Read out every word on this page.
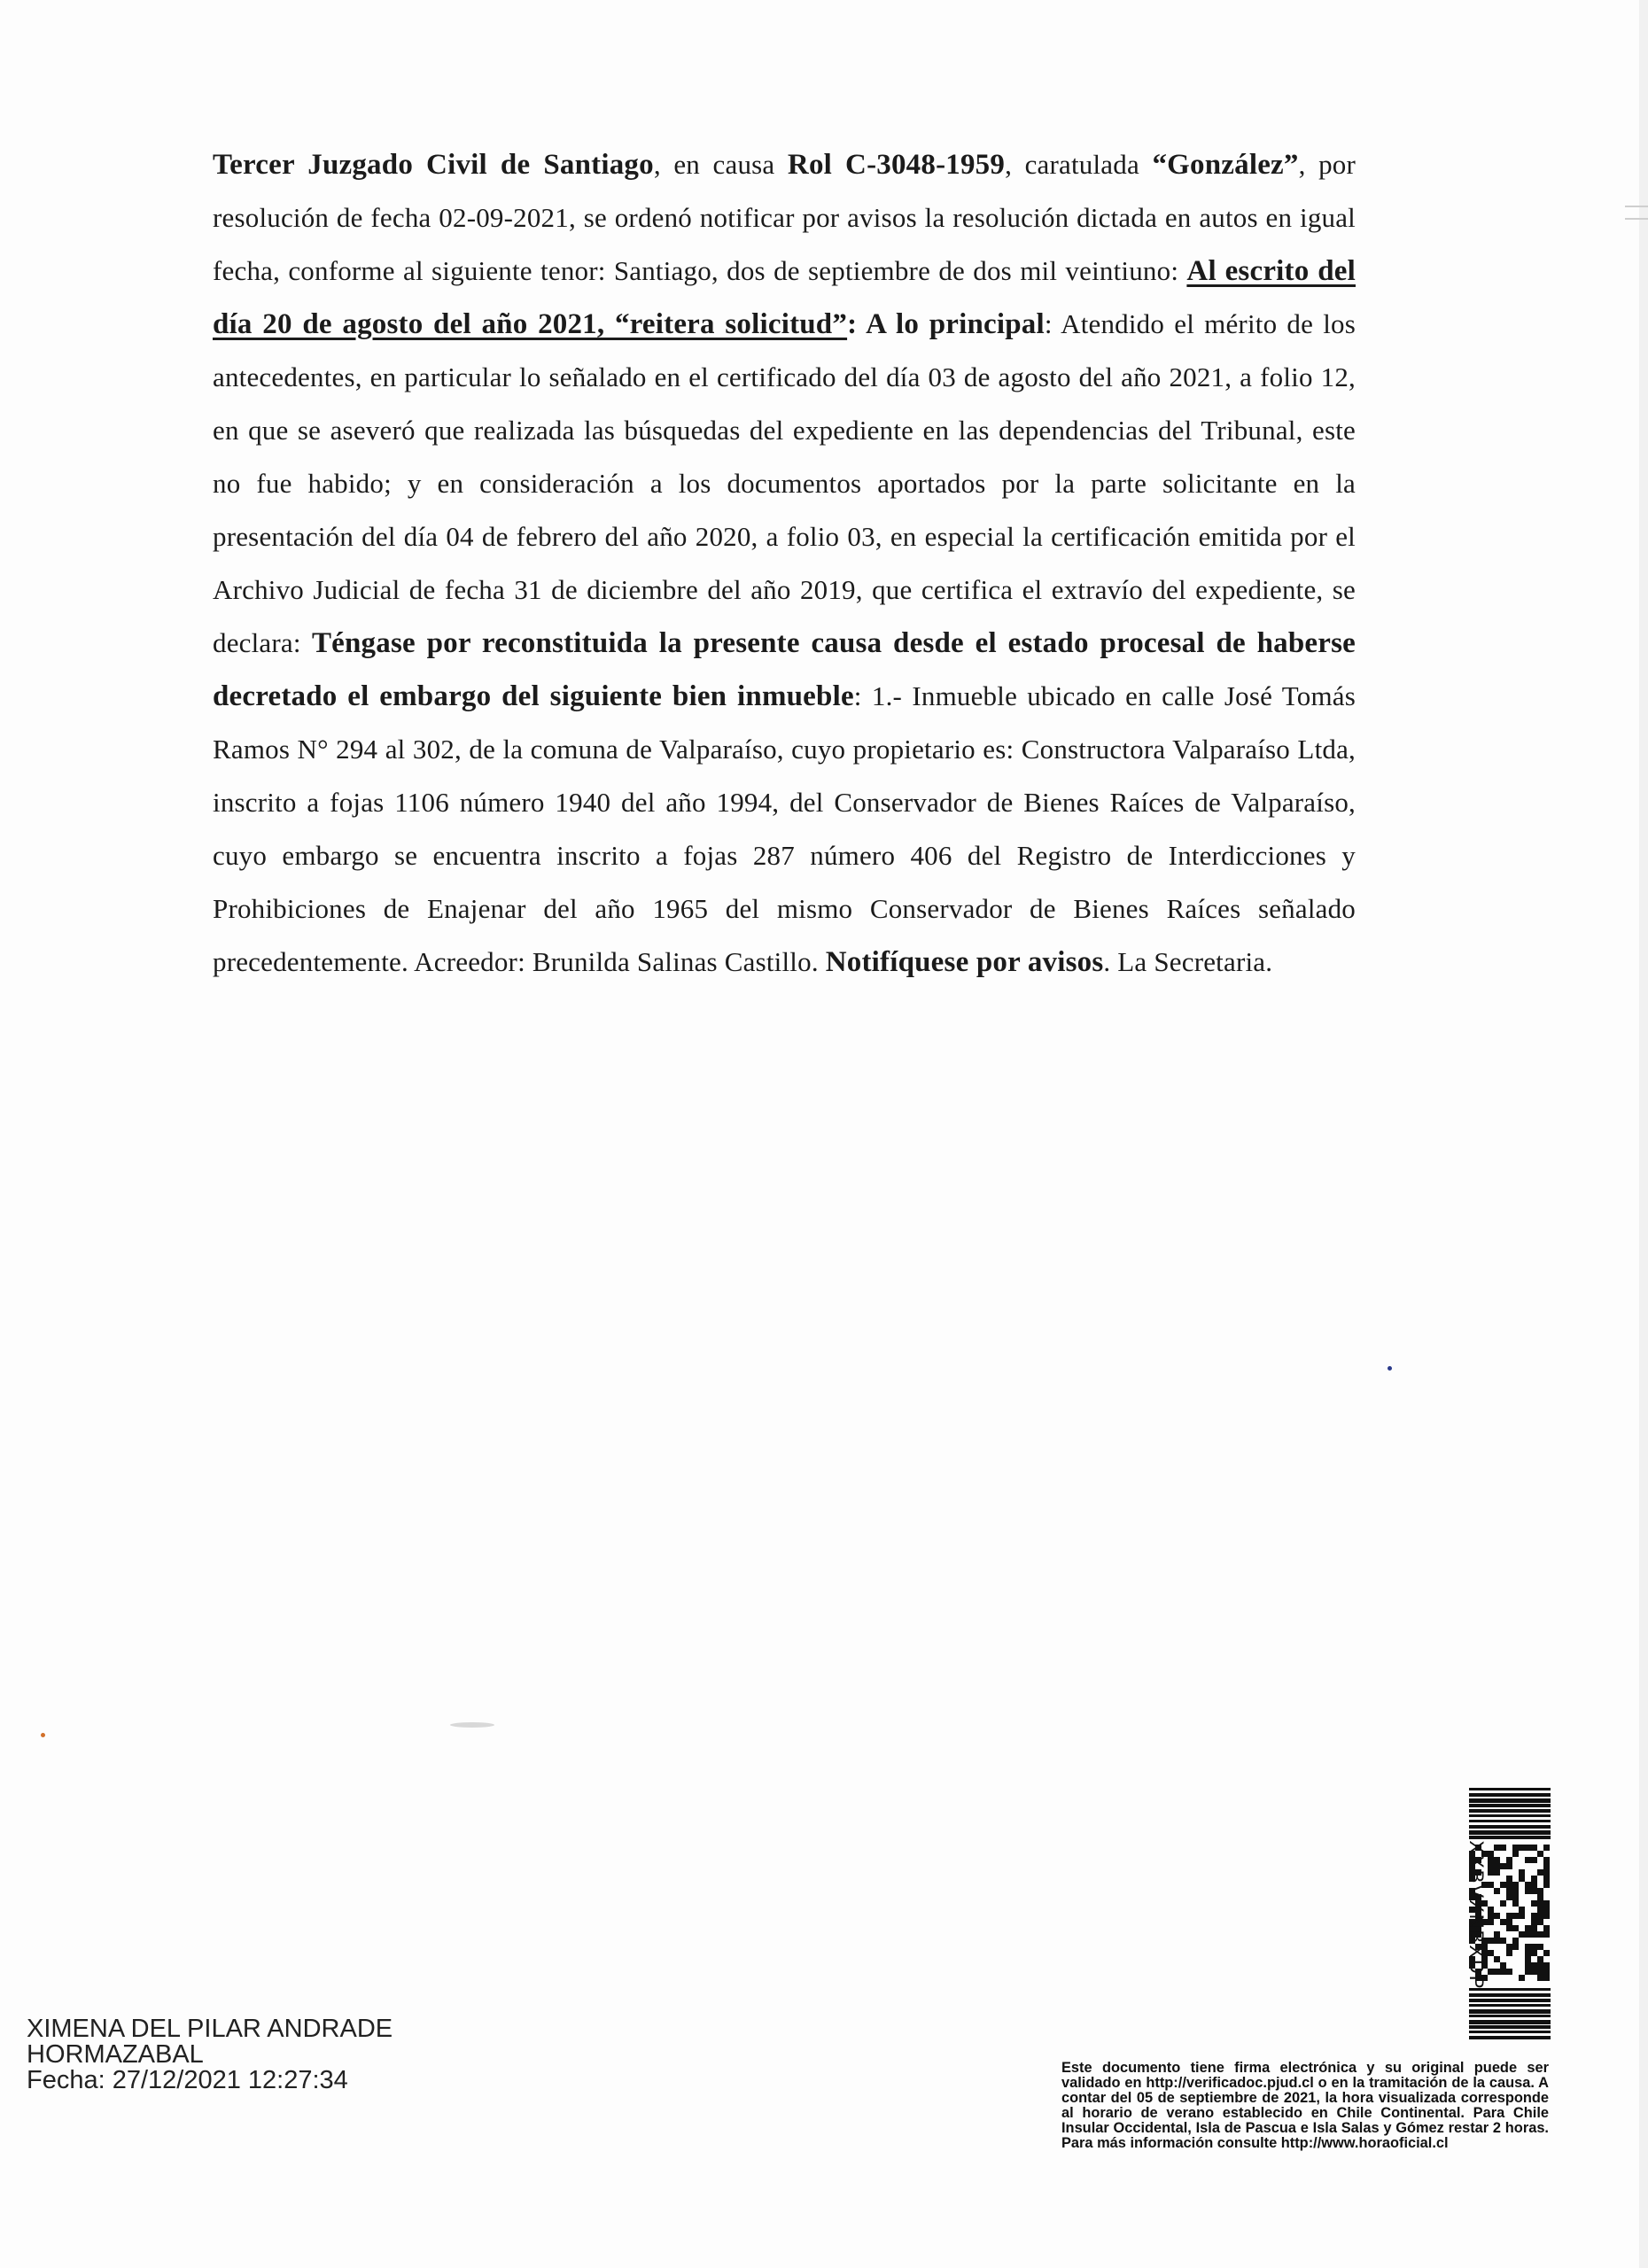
Tercer Juzgado Civil de Santiago, en causa Rol C-3048-1959, caratulada “González”, por resolución de fecha 02-09-2021, se ordenó notificar por avisos la resolución dictada en autos en igual fecha, conforme al siguiente tenor: Santiago, dos de septiembre de dos mil veintiuno: Al escrito del día 20 de agosto del año 2021, “reitera solicitud”: A lo principal: Atendido el mérito de los antecedentes, en particular lo señalado en el certificado del día 03 de agosto del año 2021, a folio 12, en que se aseveró que realizada las búsquedas del expediente en las dependencias del Tribunal, este no fue habido; y en consideración a los documentos aportados por la parte solicitante en la presentación del día 04 de febrero del año 2020, a folio 03, en especial la certificación emitida por el Archivo Judicial de fecha 31 de diciembre del año 2019, que certifica el extravío del expediente, se declara: Téngase por reconstituida la presente causa desde el estado procesal de haberse decretado el embargo del siguiente bien inmueble: 1.- Inmueble ubicado en calle José Tomás Ramos N° 294 al 302, de la comuna de Valparaíso, cuyo propietario es: Constructora Valparaíso Ltda, inscrito a fojas 1106 número 1940 del año 1994, del Conservador de Bienes Raíces de Valparaíso, cuyo embargo se encuentra inscrito a fojas 287 número 406 del Registro de Interdicciones y Prohibiciones de Enajenar del año 1965 del mismo Conservador de Bienes Raíces señalado precedentemente. Acreedor: Brunilda Salinas Castillo. Notifíquese por avisos. La Secretaria.
XXBVXNBXDP
XIMENA DEL PILAR ANDRADE
HORMAZABAL
Fecha: 27/12/2021 12:27:34	Este documento tiene firma electrónica y su original puede ser validado en http://verificadoc.pjud.cl o en la tramitación de la causa. A contar del 05 de septiembre de 2021, la hora visualizada corresponde al horario de verano establecido en Chile Continental. Para Chile Insular Occidental, Isla de Pascua e Isla Salas y Gómez restar 2 horas. Para más información consulte http://www.horaoficial.cl
